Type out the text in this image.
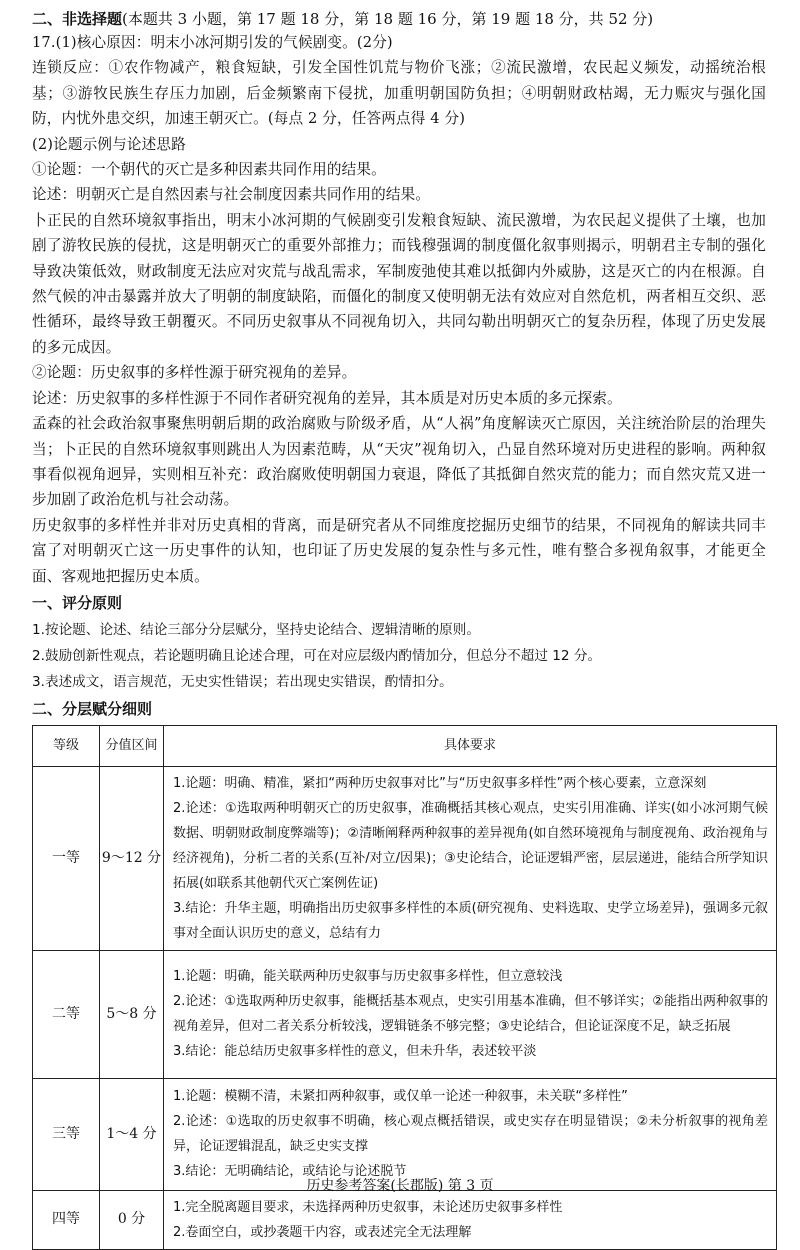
二、非选择题(本题共 3 小题，第 17 题 18 分，第 18 题 16 分，第 19 题 18 分，共 52 分)

17.(1)核心原因：明末小冰河期引发的气候剧变。(2分)

连锁反应：①农作物减产，粮食短缺，引发全国性饥荒与物价飞涨；②流民激增，农民起义频发，动摇统治根基；③游牧民族生存压力加剧，后金频繁南下侵扰，加重明朝国防负担；④明朝财政枯竭，无力赈灾与强化国防，内忧外患交织，加速王朝灭亡。(每点 2 分，任答两点得 4 分)

(2)论题示例与论述思路

①论题：一个朝代的灭亡是多种因素共同作用的结果。

论述：明朝灭亡是自然因素与社会制度因素共同作用的结果。

卜正民的自然环境叙事指出，明末小冰河期的气候剧变引发粮食短缺、流民激增，为农民起义提供了土壤，也加剧了游牧民族的侵扰，这是明朝灭亡的重要外部推力；而钱穆强调的制度僵化叙事则揭示，明朝君主专制的强化导致决策低效，财政制度无法应对灾荒与战乱需求，军制废弛使其难以抵御内外威胁，这是灭亡的内在根源。自然气候的冲击暴露并放大了明朝的制度缺陷，而僵化的制度又使明朝无法有效应对自然危机，两者相互交织、恶性循环，最终导致王朝覆灭。不同历史叙事从不同视角切入，共同勾勒出明朝灭亡的复杂历程，体现了历史发展的多元成因。

②论题：历史叙事的多样性源于研究视角的差异。

论述：历史叙事的多样性源于不同作者研究视角的差异，其本质是对历史本质的多元探索。

孟森的社会政治叙事聚焦明朝后期的政治腐败与阶级矛盾，从“人祸”角度解读灭亡原因，关注统治阶层的治理失当；卜正民的自然环境叙事则跳出人为因素范畴，从“天灾”视角切入，凸显自然环境对历史进程的影响。两种叙事看似视角迥异，实则相互补充：政治腐败使明朝国力衰退，降低了其抵御自然灾荒的能力；而自然灾荒又进一步加剧了政治危机与社会动荡。

历史叙事的多样性并非对历史真相的背离，而是研究者从不同维度挖掘历史细节的结果，不同视角的解读共同丰富了对明朝灭亡这一历史事件的认知，也印证了历史发展的复杂性与多元性，唯有整合多视角叙事，才能更全面、客观地把握历史本质。

一、评分原则
1.按论题、论述、结论三部分分层赋分，坚持史论结合、逻辑清晰的原则。
2.鼓励创新性观点，若论题明确且论述合理，可在对应层级内酌情加分，但总分不超过 12 分。
3.表述成文，语言规范，无史实性错误；若出现史实错误，酌情扣分。
二、分层赋分细则
等级	分值区间	具体要求
一等	9～12 分	1.论题：明确、精准，紧扣“两种历史叙事对比”与“历史叙事多样性”两个核心要素，立意深刻
2.论述：①选取两种明朝灭亡的历史叙事，准确概括其核心观点，史实引用准确、详实(如小冰河期气候数据、明朝财政制度弊端等)；②清晰阐释两种叙事的差异视角(如自然环境视角与制度视角、政治视角与经济视角)，分析二者的关系(互补/对立/因果)；③史论结合，论证逻辑严密，层层递进，能结合所学知识拓展(如联系其他朝代灭亡案例佐证)
3.结论：升华主题，明确指出历史叙事多样性的本质(研究视角、史料选取、史学立场差异)，强调多元叙事对全面认识历史的意义，总结有力

二等	5～8 分	1.论题：明确，能关联两种历史叙事与历史叙事多样性，但立意较浅
2.论述：①选取两种历史叙事，能概括基本观点，史实引用基本准确，但不够详实；②能指出两种叙事的视角差异，但对二者关系分析较浅，逻辑链条不够完整；③史论结合，但论证深度不足，缺乏拓展
3.结论：能总结历史叙事多样性的意义，但未升华，表述较平淡

三等	1～4 分	1.论题：模糊不清，未紧扣两种叙事，或仅单一论述一种叙事，未关联“多样性”
2.论述：①选取的历史叙事不明确，核心观点概括错误，或史实存在明显错误；②未分析叙事的视角差异，论证逻辑混乱，缺乏史实支撑
3.结论：无明确结论，或结论与论述脱节

四等	0 分	1.完全脱离题目要求，未选择两种历史叙事，未论述历史叙事多样性
2.卷面空白，或抄袭题干内容，或表述完全无法理解
历史参考答案(长郡版) 第 3 页
